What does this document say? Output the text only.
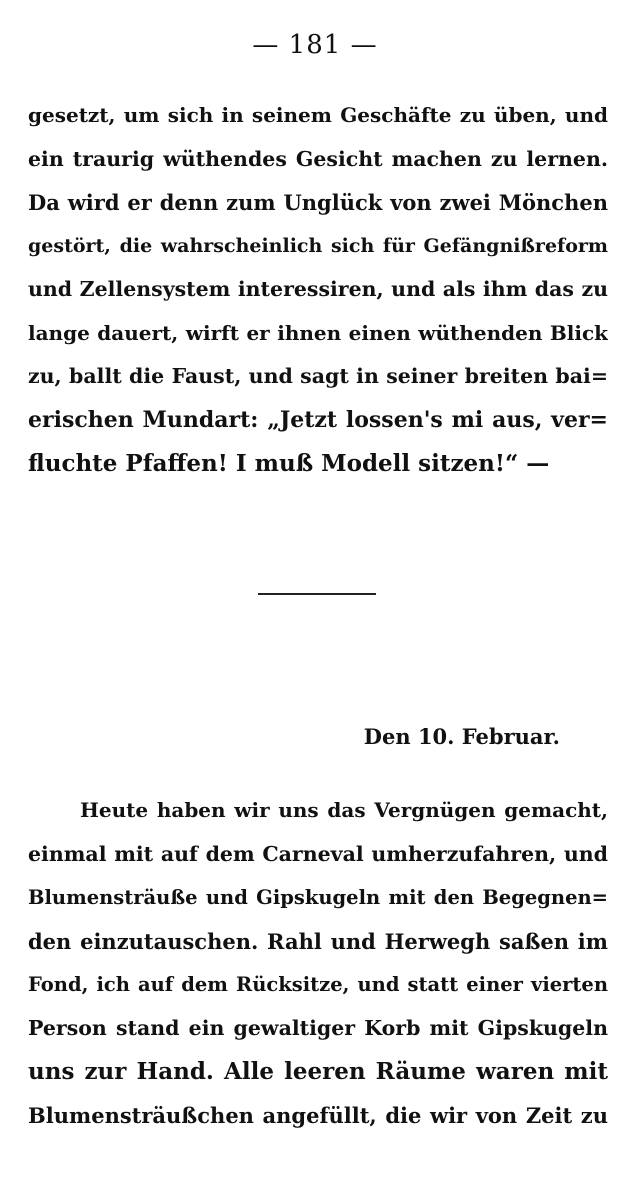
— 181 —
gesetzt, um sich in seinem Geschäfte zu üben, und
ein traurig wüthendes Gesicht machen zu lernen.
Da wird er denn zum Unglück von zwei Mönchen
gestört, die wahrscheinlich sich für Gefängnißreform
und Zellensystem interessiren, und als ihm das zu
lange dauert, wirft er ihnen einen wüthenden Blick
zu, ballt die Faust, und sagt in seiner breiten bai=
erischen Mundart: „Jetzt lossen's mi aus, ver=
fluchte Pfaffen! I muß Modell sitzen!“ —
Den 10. Februar.
Heute haben wir uns das Vergnügen gemacht,
einmal mit auf dem Carneval umherzufahren, und
Blumensträuße und Gipskugeln mit den Begegnen=
den einzutauschen. Rahl und Herwegh saßen im
Fond, ich auf dem Rücksitze, und statt einer vierten
Person stand ein gewaltiger Korb mit Gipskugeln
uns zur Hand. Alle leeren Räume waren mit
Blumensträußchen angefüllt, die wir von Zeit zu
